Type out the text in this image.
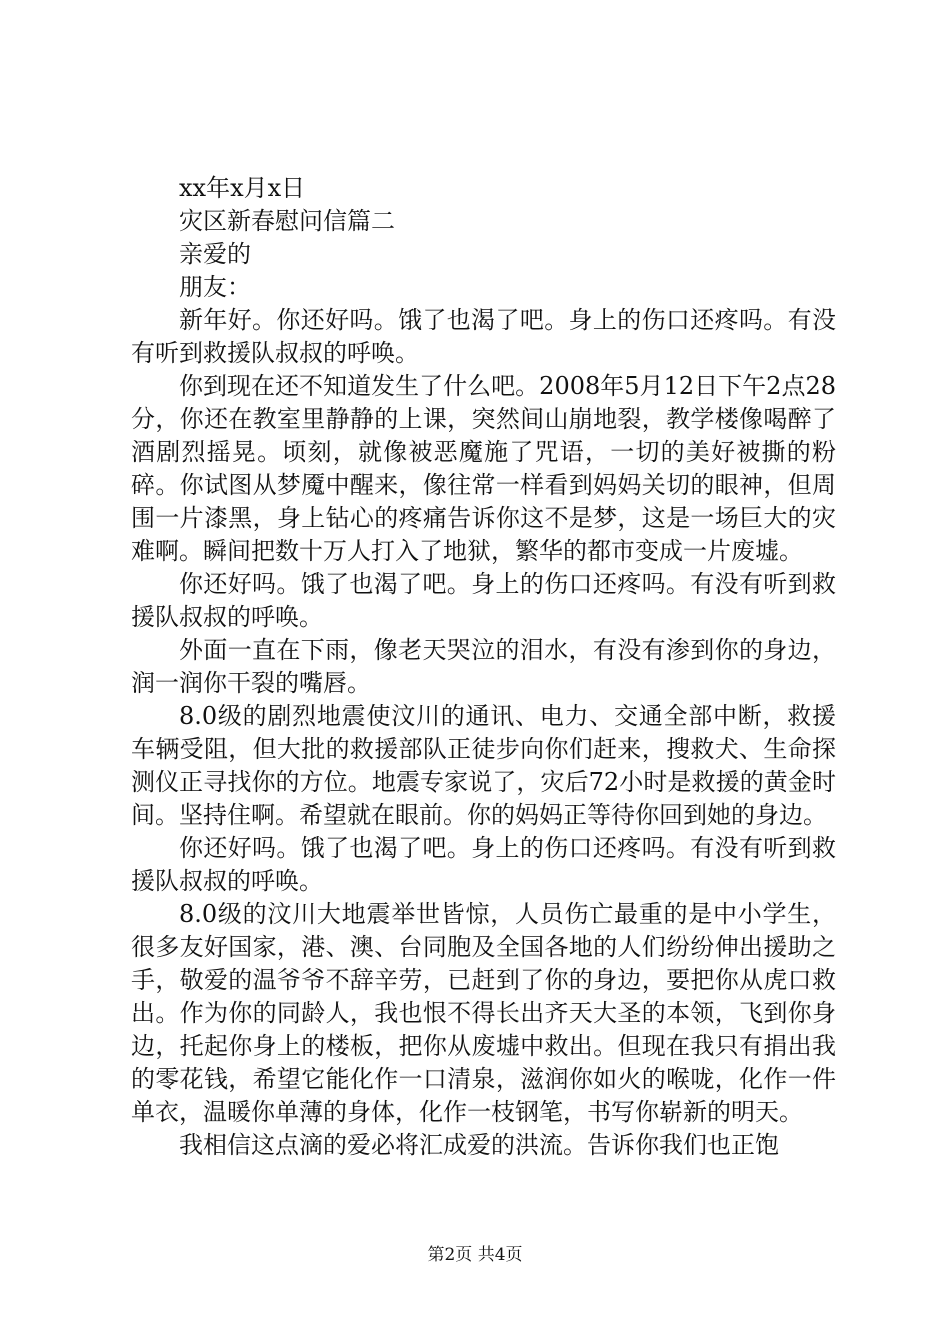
xx年x月x日
灾区新春慰问信篇二
亲爱的
朋友：

新年好。你还好吗。饿了也渴了吧。身上的伤口还疼吗。有没有听到救援队叔叔的呼唤。

你到现在还不知道发生了什么吧。2008年5月12日下午2点28分，你还在教室里静静的上课，突然间山崩地裂，教学楼像喝醉了酒剧烈摇晃。顷刻，就像被恶魔施了咒语，一切的美好被撕的粉碎。你试图从梦魇中醒来，像往常一样看到妈妈关切的眼神，但周围一片漆黑，身上钻心的疼痛告诉你这不是梦，这是一场巨大的灾难啊。瞬间把数十万人打入了地狱，繁华的都市变成一片废墟。

你还好吗。饿了也渴了吧。身上的伤口还疼吗。有没有听到救援队叔叔的呼唤。

外面一直在下雨，像老天哭泣的泪水，有没有渗到你的身边，润一润你干裂的嘴唇。

8.0级的剧烈地震使汶川的通讯、电力、交通全部中断，救援车辆受阻，但大批的救援部队正徒步向你们赶来，搜救犬、生命探测仪正寻找你的方位。地震专家说了，灾后72小时是救援的黄金时间。坚持住啊。希望就在眼前。你的妈妈正等待你回到她的身边。

你还好吗。饿了也渴了吧。身上的伤口还疼吗。有没有听到救援队叔叔的呼唤。

8.0级的汶川大地震举世皆惊，人员伤亡最重的是中小学生，很多友好国家，港、澳、台同胞及全国各地的人们纷纷伸出援助之手，敬爱的温爷爷不辞辛劳，已赶到了你的身边，要把你从虎口救出。作为你的同龄人，我也恨不得长出齐天大圣的本领，飞到你身边，托起你身上的楼板，把你从废墟中救出。但现在我只有捐出我的零花钱，希望它能化作一口清泉，滋润你如火的喉咙，化作一件单衣，温暖你单薄的身体，化作一枝钢笔，书写你崭新的明天。

我相信这点滴的爱必将汇成爱的洪流。告诉你我们也正饱

第2页 共4页
